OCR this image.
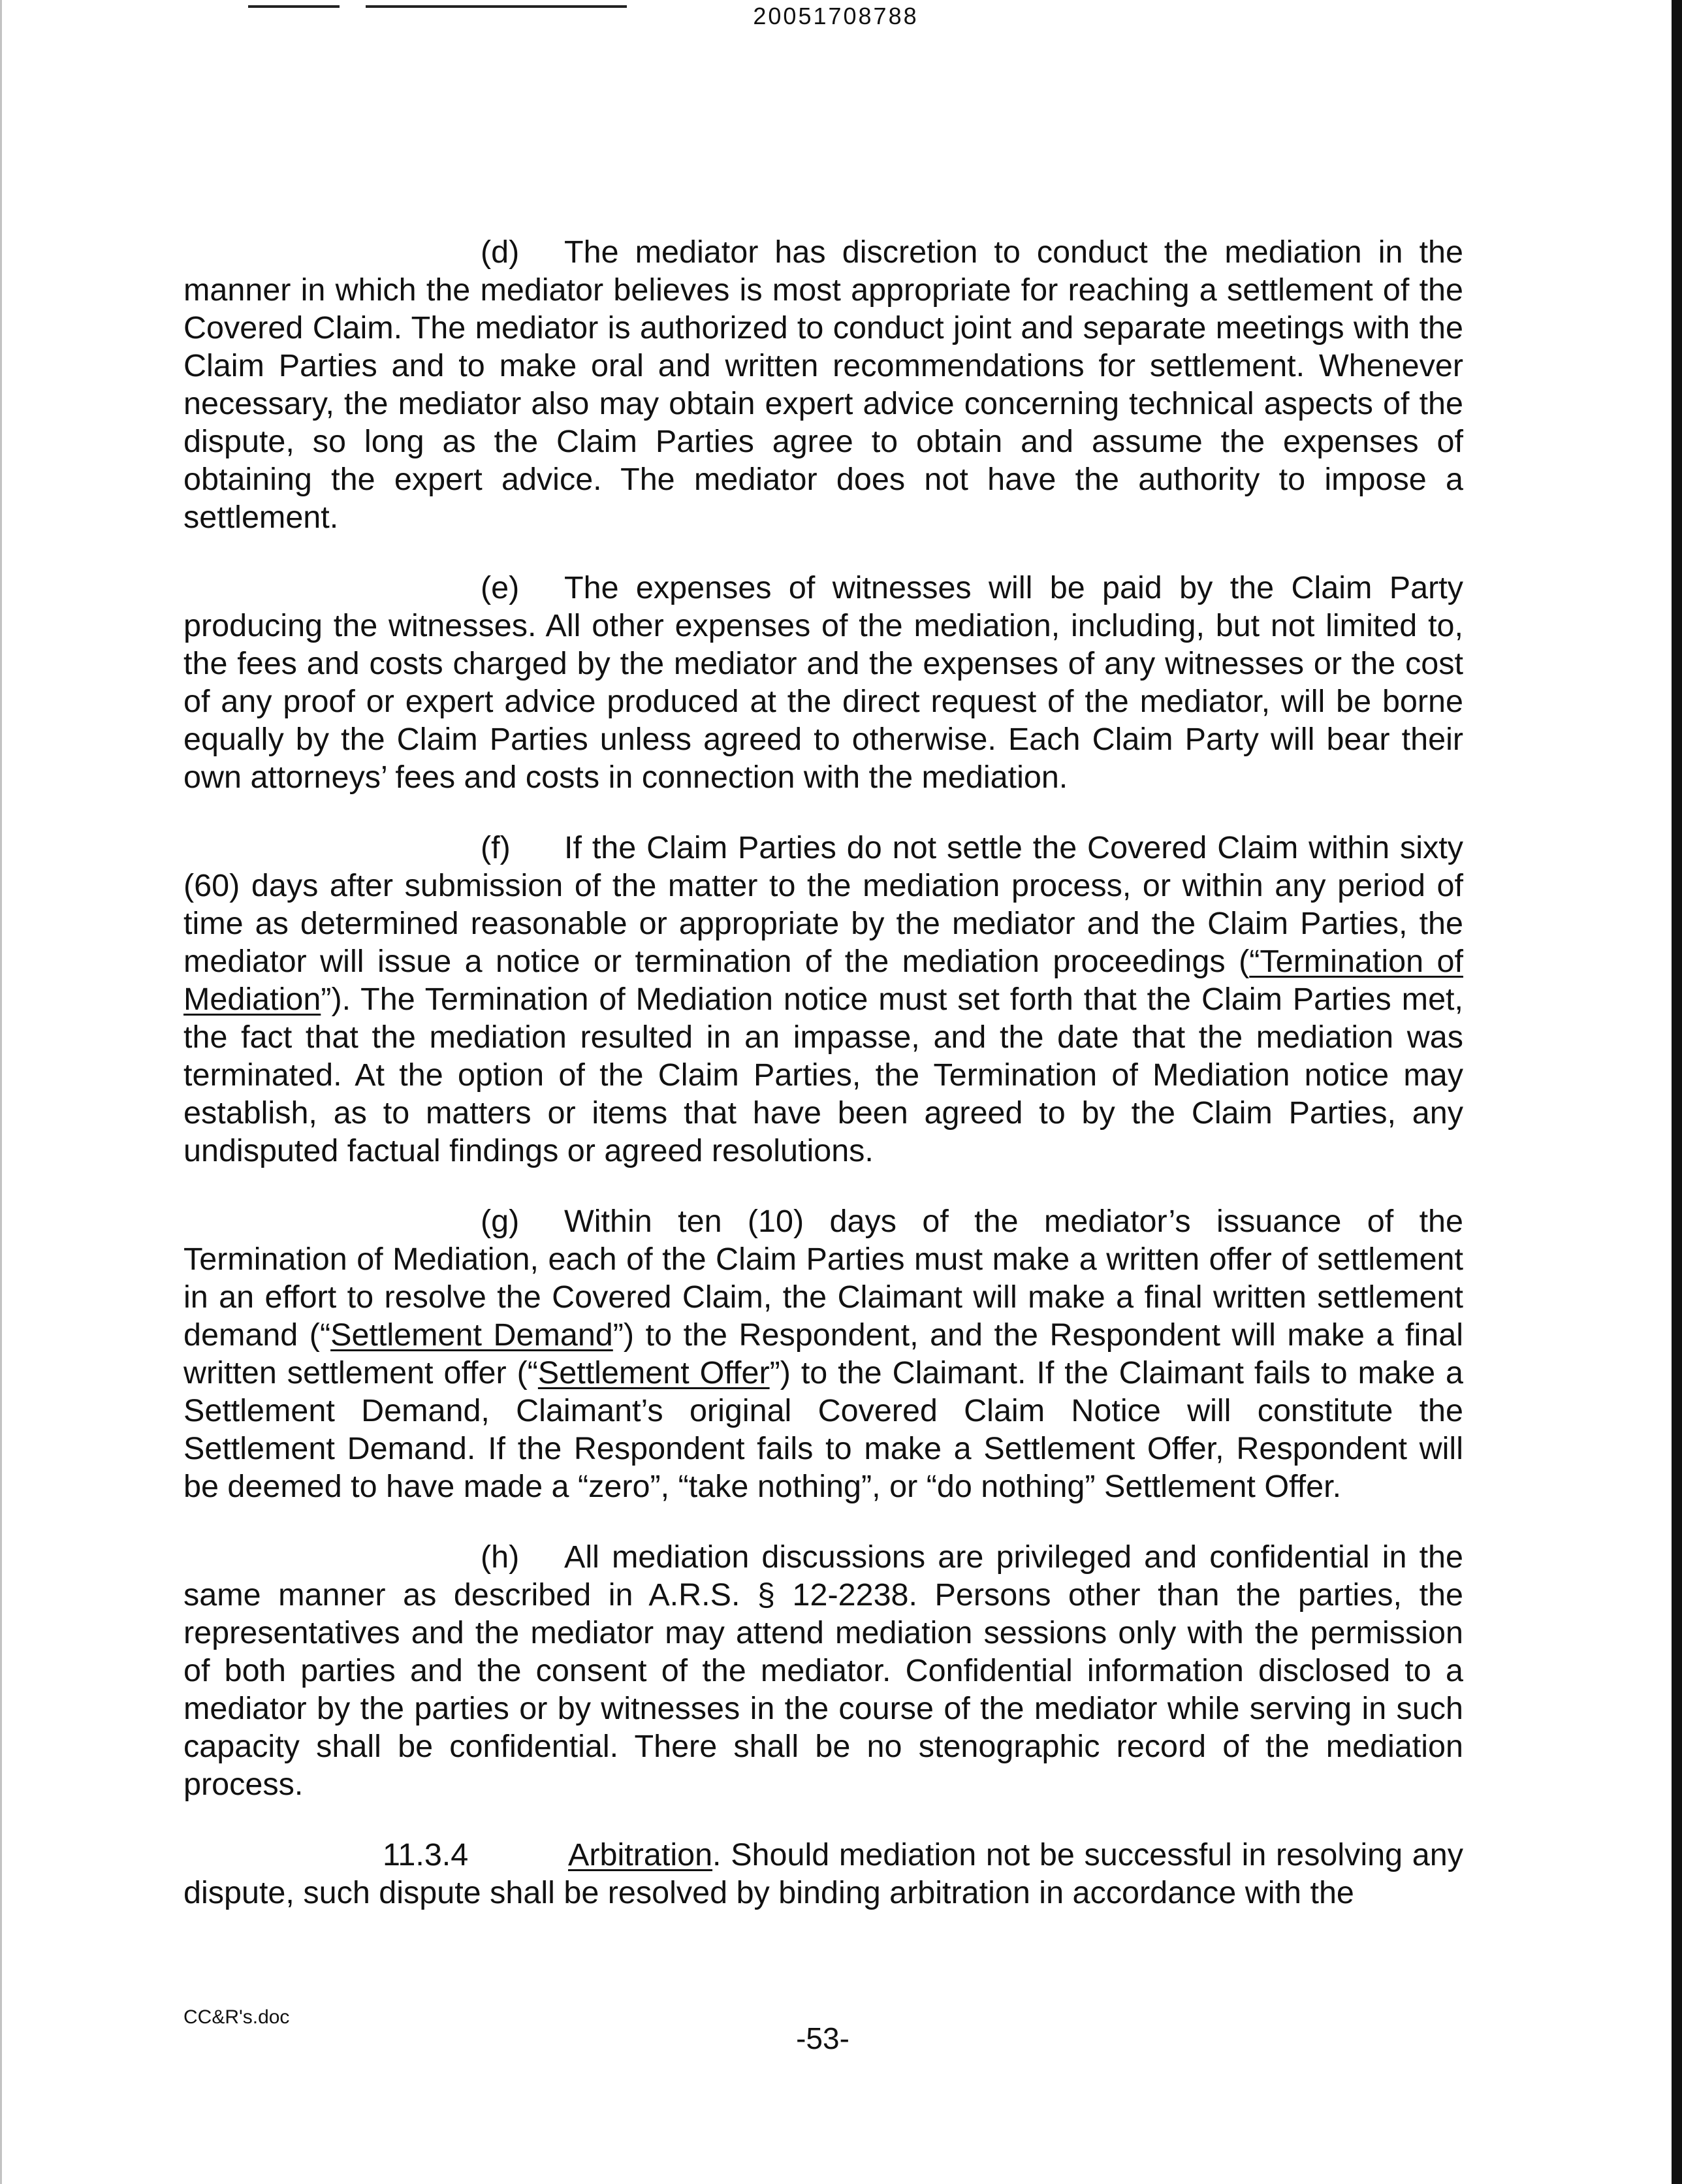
20051708788

(d) The mediator has discretion to conduct the mediation in the manner in which the mediator believes is most appropriate for reaching a settlement of the Covered Claim. The mediator is authorized to conduct joint and separate meetings with the Claim Parties and to make oral and written recommendations for settlement. Whenever necessary, the mediator also may obtain expert advice concerning technical aspects of the dispute, so long as the Claim Parties agree to obtain and assume the expenses of obtaining the expert advice. The mediator does not have the authority to impose a settlement.

(e) The expenses of witnesses will be paid by the Claim Party producing the witnesses. All other expenses of the mediation, including, but not limited to, the fees and costs charged by the mediator and the expenses of any witnesses or the cost of any proof or expert advice produced at the direct request of the mediator, will be borne equally by the Claim Parties unless agreed to otherwise. Each Claim Party will bear their own attorneys’ fees and costs in connection with the mediation.

(f) If the Claim Parties do not settle the Covered Claim within sixty (60) days after submission of the matter to the mediation process, or within any period of time as determined reasonable or appropriate by the mediator and the Claim Parties, the mediator will issue a notice or termination of the mediation proceedings (“Termination of Mediation”). The Termination of Mediation notice must set forth that the Claim Parties met, the fact that the mediation resulted in an impasse, and the date that the mediation was terminated. At the option of the Claim Parties, the Termination of Mediation notice may establish, as to matters or items that have been agreed to by the Claim Parties, any undisputed factual findings or agreed resolutions.

(g) Within ten (10) days of the mediator’s issuance of the Termination of Mediation, each of the Claim Parties must make a written offer of settlement in an effort to resolve the Covered Claim, the Claimant will make a final written settlement demand (“Settlement Demand”) to the Respondent, and the Respondent will make a final written settlement offer (“Settlement Offer”) to the Claimant. If the Claimant fails to make a Settlement Demand, Claimant’s original Covered Claim Notice will constitute the Settlement Demand. If the Respondent fails to make a Settlement Offer, Respondent will be deemed to have made a “zero”, “take nothing”, or “do nothing” Settlement Offer.

(h) All mediation discussions are privileged and confidential in the same manner as described in A.R.S. § 12-2238. Persons other than the parties, the representatives and the mediator may attend mediation sessions only with the permission of both parties and the consent of the mediator. Confidential information disclosed to a mediator by the parties or by witnesses in the course of the mediator while serving in such capacity shall be confidential. There shall be no stenographic record of the mediation process.

11.3.4	Arbitration. Should mediation not be successful in resolving any dispute, such dispute shall be resolved by binding arbitration in accordance with the

-53-
CC&R's.doc
